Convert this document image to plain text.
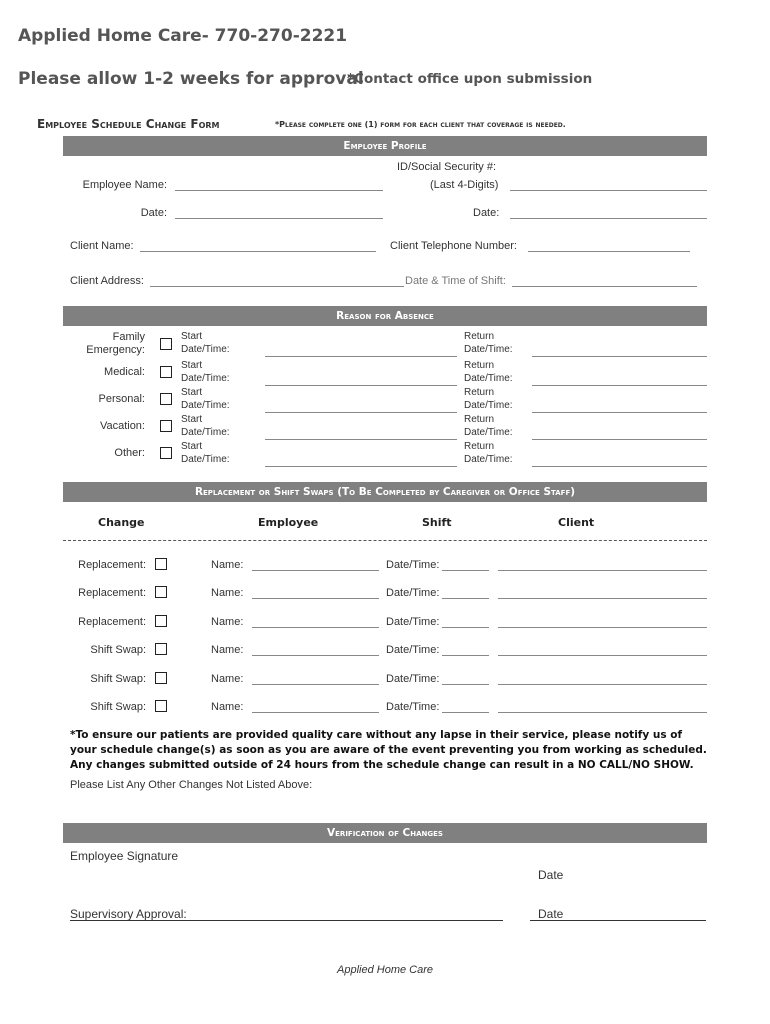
Applied Home Care- 770-270-2221
Please allow 1-2 weeks for approval
*Contact office upon submission
Employee Schedule Change Form	*Please complete one (1) form for each client that coverage is needed.
Employee Profile
Employee Name:
ID/Social Security #:
(Last 4-Digits)
Date:	Date:
Client Name:	Client Telephone Number:
Client Address:	Date & Time of Shift:
Reason for Absence
Family Emergency:
Start Date/Time:
Return Date/Time:
Medical:
Start Date/Time:
Return Date/Time:
Personal:
Start Date/Time:
Return Date/Time:
Vacation:
Start Date/Time:
Return Date/Time:
Other:
Start Date/Time:
Return Date/Time:
Replacement or Shift Swaps (To Be Completed by Caregiver or Office Staff)
Change	Employee	Shift	Client
Replacement:	Name:	Date/Time:
Replacement:	Name:	Date/Time:
Replacement:	Name:	Date/Time:
Shift Swap:	Name:	Date/Time:
Shift Swap:	Name:	Date/Time:
Shift Swap:	Name:	Date/Time:
*To ensure our patients are provided quality care without any lapse in their service, please notify us of your schedule change(s) as soon as you are aware of the event preventing you from working as scheduled. Any changes submitted outside of 24 hours from the schedule change can result in a NO CALL/NO SHOW.
Please List Any Other Changes Not Listed Above:
Verification of Changes
Employee Signature
Date
Supervisory Approval:	Date
Applied Home Care
